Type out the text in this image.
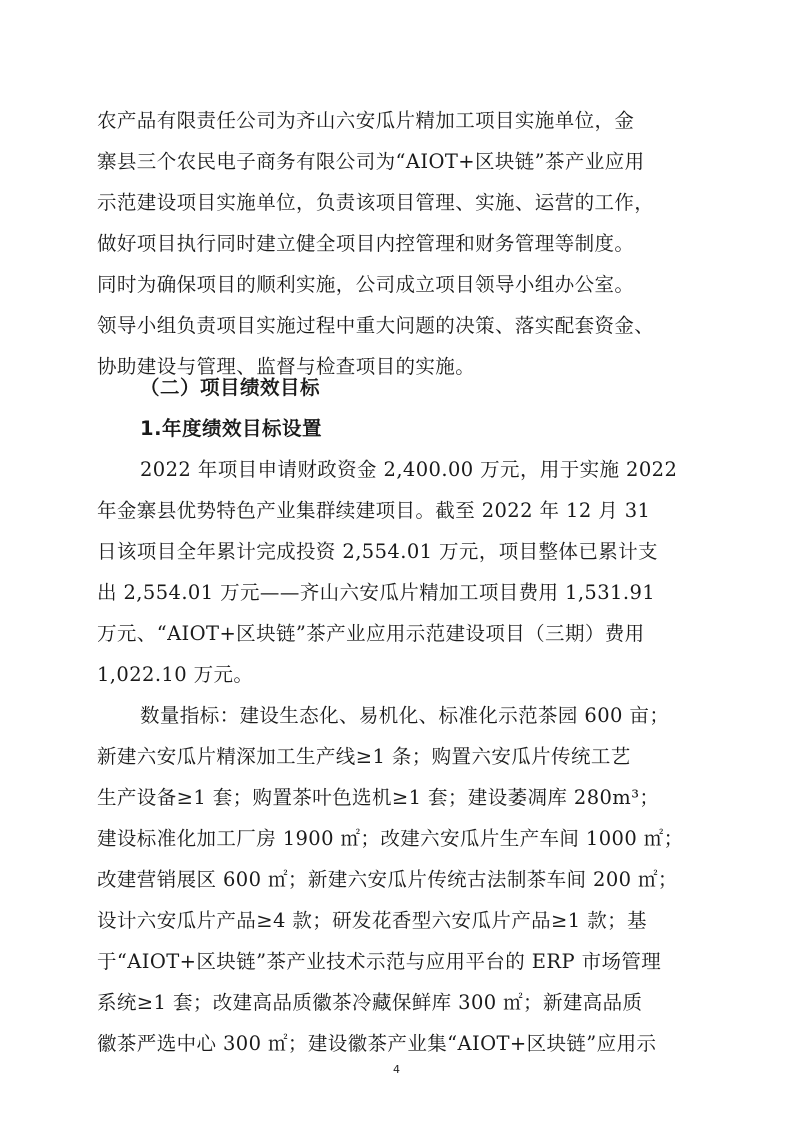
农产品有限责任公司为齐山六安瓜片精加工项目实施单位，金
寨县三个农民电子商务有限公司为“AIOT+区块链”茶产业应用
示范建设项目实施单位，负责该项目管理、实施、运营的工作，
做好项目执行同时建立健全项目内控管理和财务管理等制度。
同时为确保项目的顺利实施，公司成立项目领导小组办公室。
领导小组负责项目实施过程中重大问题的决策、落实配套资金、
协助建设与管理、监督与检查项目的实施。
（二）项目绩效目标
1.年度绩效目标设置
2022 年项目申请财政资金 2,400.00 万元，用于实施 2022
年金寨县优势特色产业集群续建项目。截至 2022 年 12 月 31
日该项目全年累计完成投资 2,554.01 万元，项目整体已累计支
出 2,554.01 万元——齐山六安瓜片精加工项目费用 1,531.91
万元、“AIOT+区块链”茶产业应用示范建设项目（三期）费用
1,022.10 万元。
数量指标：建设生态化、易机化、标准化示范茶园 600 亩；
新建六安瓜片精深加工生产线≥1 条；购置六安瓜片传统工艺
生产设备≥1 套；购置茶叶色选机≥1 套；建设萎凋库 280m³；
建设标准化加工厂房 1900 ㎡；改建六安瓜片生产车间 1000 ㎡；
改建营销展区 600 ㎡；新建六安瓜片传统古法制茶车间 200 ㎡；
设计六安瓜片产品≥4 款；研发花香型六安瓜片产品≥1 款；基
于“AIOT+区块链”茶产业技术示范与应用平台的 ERP 市场管理
系统≥1 套；改建高品质徽茶冷藏保鲜库 300 ㎡；新建高品质
徽茶严选中心 300 ㎡；建设徽茶产业集“AIOT+区块链”应用示
4
